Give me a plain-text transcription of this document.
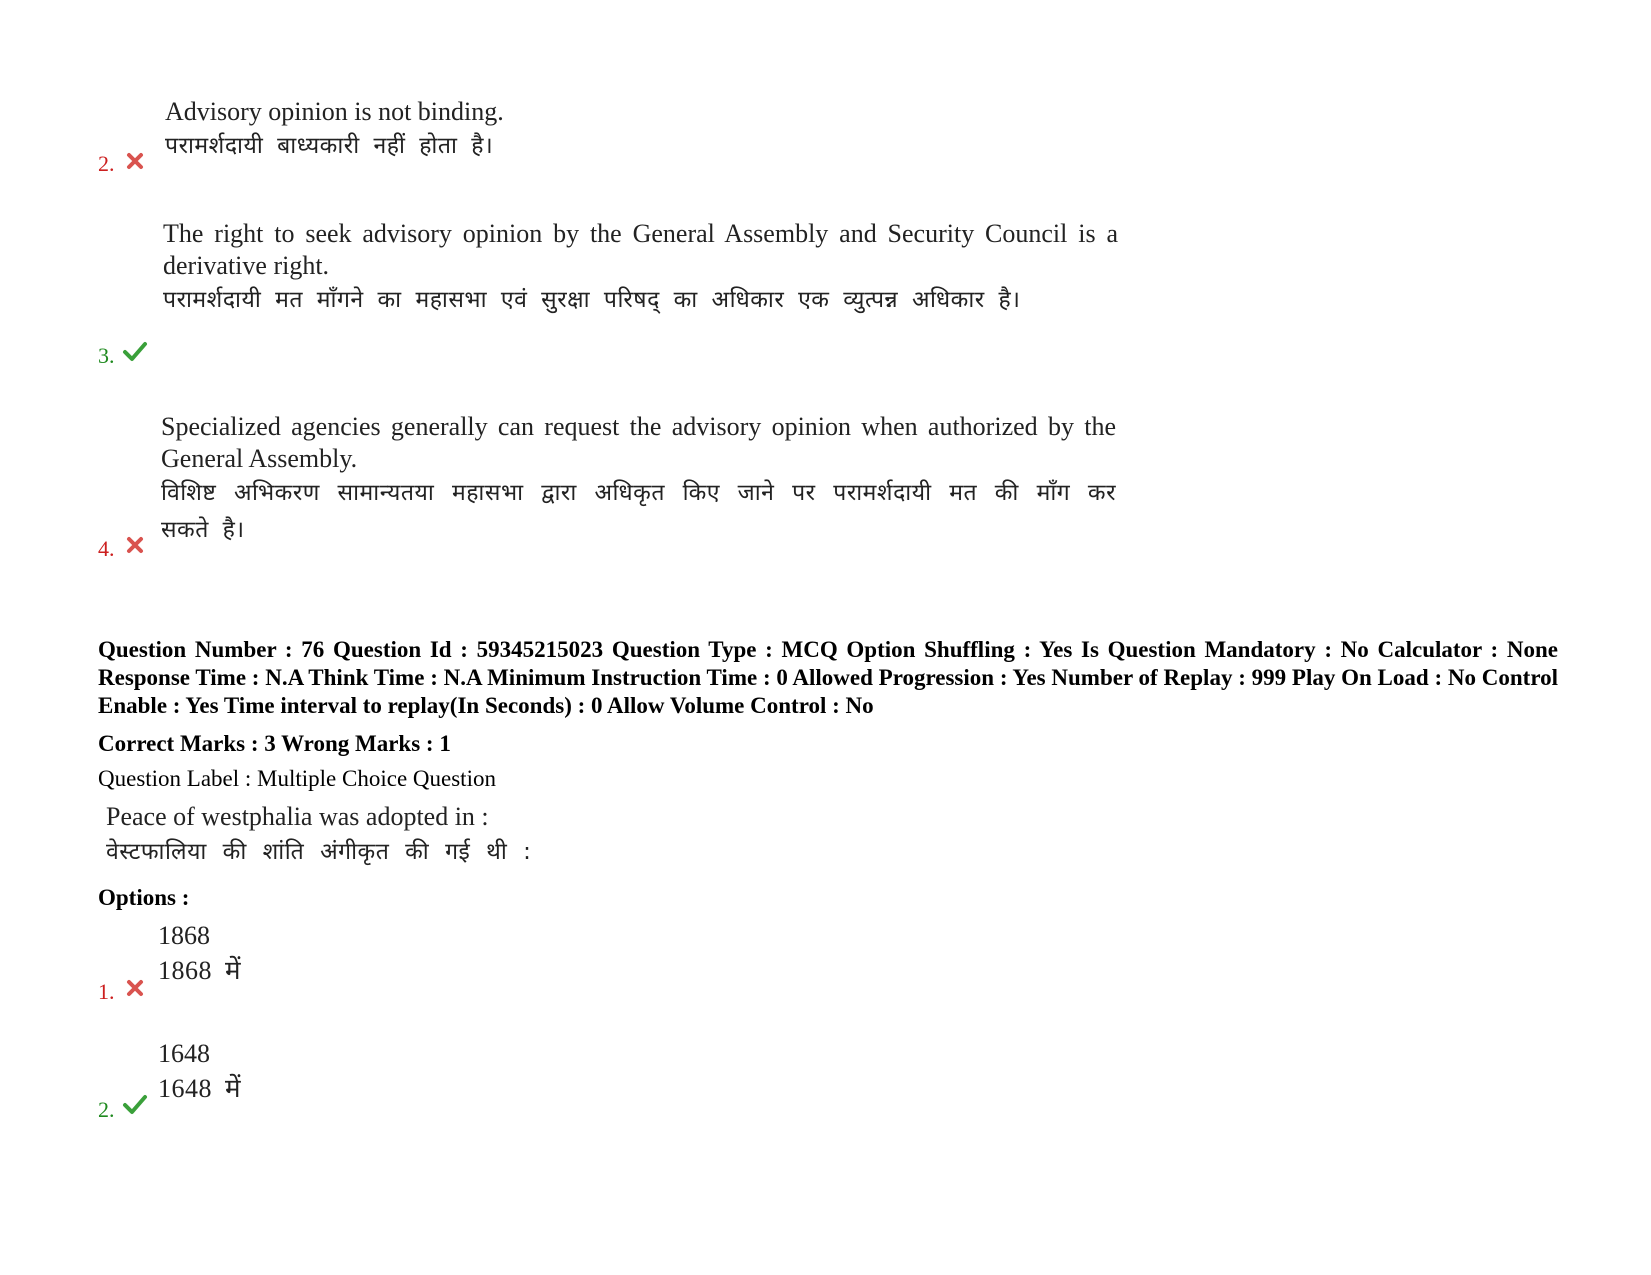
Advisory opinion is not binding.
परामर्शदायी बाध्यकारी नहीं होता है।
2.
The right to seek advisory opinion by the General Assembly and Security Council is a derivative right.
परामर्शदायी मत माँगने का महासभा एवं सुरक्षा परिषद् का अधिकार एक व्युत्पन्न अधिकार है।
3.
Specialized agencies generally can request the advisory opinion when authorized by the General Assembly.
विशिष्ट अभिकरण सामान्यतया महासभा द्वारा अधिकृत किए जाने पर परामर्शदायी मत की माँग कर सकते है।
4.
Question Number : 76 Question Id : 59345215023 Question Type : MCQ Option Shuffling : Yes Is Question Mandatory : No Calculator : None Response Time : N.A Think Time : N.A Minimum Instruction Time : 0 Allowed Progression : Yes Number of Replay : 999 Play On Load : No Control Enable : Yes Time interval to replay(In Seconds) : 0 Allow Volume Control : No
Correct Marks : 3 Wrong Marks : 1
Question Label : Multiple Choice Question
Peace of westphalia was adopted in :
वेस्टफालिया की शांति अंगीकृत की गई थी :
Options :
1868
1868 में
1.
1648
1648 में
2.
